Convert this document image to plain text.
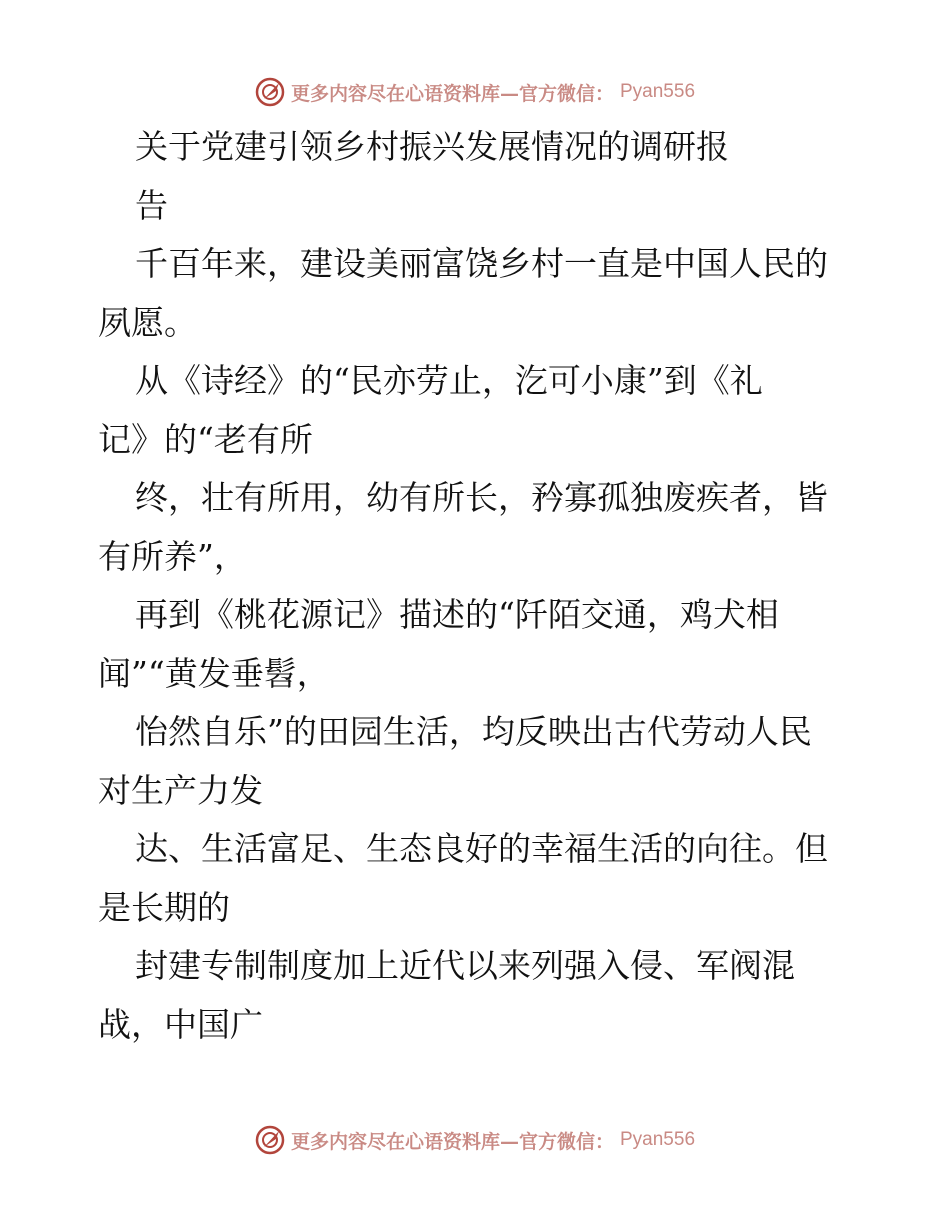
更多内容尽在心语资料库—官方微信： Pyan556
关于党建引领乡村振兴发展情况的调研报
告
千百年来，建设美丽富饶乡村一直是中国人民的
夙愿。
从《诗经》的“民亦劳止，汔可小康”到《礼
记》的“老有所
终，壮有所用，幼有所长，矜寡孤独废疾者，皆
有所养”，
再到《桃花源记》描述的“阡陌交通，鸡犬相
闻”“黄发垂髫，
怡然自乐”的田园生活，均反映出古代劳动人民
对生产力发
达、生活富足、生态良好的幸福生活的向往。但
是长期的
封建专制制度加上近代以来列强入侵、军阀混
战，中国广
更多内容尽在心语资料库—官方微信： Pyan556
